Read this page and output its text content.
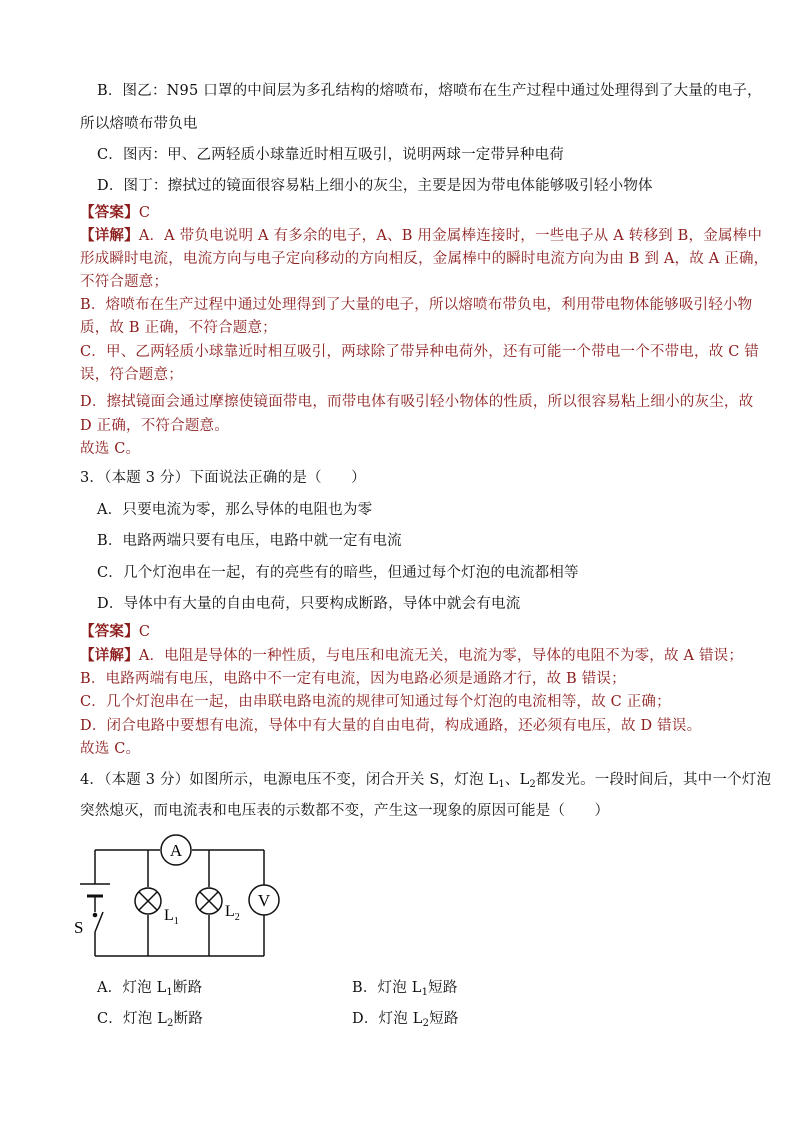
B．图乙：N95 口罩的中间层为多孔结构的熔喷布，熔喷布在生产过程中通过处理得到了大量的电子，
所以熔喷布带负电
C．图丙：甲、乙两轻质小球靠近时相互吸引，说明两球一定带异种电荷
D．图丁：擦拭过的镜面很容易粘上细小的灰尘，主要是因为带电体能够吸引轻小物体
【答案】C
【详解】A．A 带负电说明 A 有多余的电子，A、B 用金属棒连接时，一些电子从 A 转移到 B，金属棒中
形成瞬时电流，电流方向与电子定向移动的方向相反，金属棒中的瞬时电流方向为由 B 到 A，故 A 正确，
不符合题意；
B．熔喷布在生产过程中通过处理得到了大量的电子，所以熔喷布带负电，利用带电物体能够吸引轻小物
质，故 B 正确，不符合题意；
C．甲、乙两轻质小球靠近时相互吸引，两球除了带异种电荷外，还有可能一个带电一个不带电，故 C 错
误，符合题意；
D．擦拭镜面会通过摩擦使镜面带电，而带电体有吸引轻小物体的性质，所以很容易粘上细小的灰尘，故
D 正确，不符合题意。
故选 C。
3．（本题 3 分）下面说法正确的是（　　）
A．只要电流为零，那么导体的电阻也为零
B．电路两端只要有电压，电路中就一定有电流
C．几个灯泡串在一起，有的亮些有的暗些，但通过每个灯泡的电流都相等
D．导体中有大量的自由电荷，只要构成断路，导体中就会有电流
【答案】C
【详解】A．电阻是导体的一种性质，与电压和电流无关，电流为零，导体的电阻不为零，故 A 错误；
B．电路两端有电压，电路中不一定有电流，因为电路必须是通路才行，故 B 错误；
C．几个灯泡串在一起，由串联电路电流的规律可知通过每个灯泡的电流相等，故 C 正确；
D．闭合电路中要想有电流，导体中有大量的自由电荷，构成通路，还必须有电压，故 D 错误。
故选 C。
4．（本题 3 分）如图所示，电源电压不变，闭合开关 S，灯泡 $L_1$、$L_2$都发光。一段时间后，其中一个灯泡
突然熄灭，而电流表和电压表的示数都不变，产生这一现象的原因可能是（　　）
S
A
$L_1$
$L_2$
V
A．灯泡 $L_1$断路	B．灯泡 $L_1$短路
C．灯泡 $L_2$断路	D．灯泡 $L_2$短路
